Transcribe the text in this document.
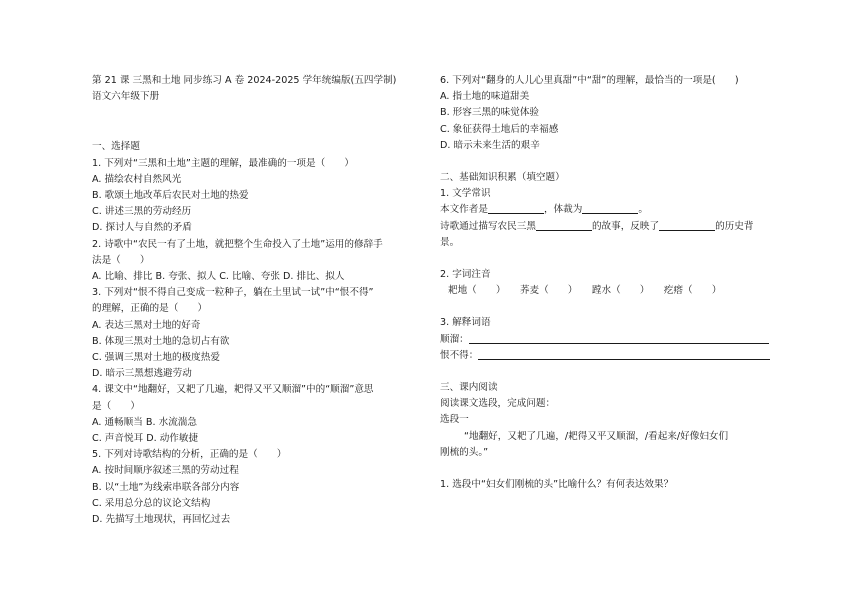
第 21 课 三黑和土地 同步练习 A 卷 2024-2025 学年统编版(五四学制)
语文六年级下册
一、选择题
1. 下列对“三黑和土地”主题的理解，最准确的一项是（　　）
A. 描绘农村自然风光
B. 歌颂土地改革后农民对土地的热爱
C. 讲述三黑的劳动经历
D. 探讨人与自然的矛盾
2. 诗歌中“农民一有了土地，就把整个生命投入了土地”运用的修辞手
法是（　　）
A. 比喻、排比 B. 夸张、拟人 C. 比喻、夸张 D. 排比、拟人
3. 下列对“恨不得自己变成一粒种子，躺在土里试一试”中“恨不得”
的理解，正确的是（　　）
A. 表达三黑对土地的好奇
B. 体现三黑对土地的急切占有欲
C. 强调三黑对土地的极度热爱
D. 暗示三黑想逃避劳动
4. 课文中“地翻好，又耙了几遍，耙得又平又顺溜”中的“顺溜”意思
是（　　）
A. 通畅顺当 B. 水流湍急
C. 声音悦耳 D. 动作敏捷
5. 下列对诗歌结构的分析，正确的是（　　）
A. 按时间顺序叙述三黑的劳动过程
B. 以“土地”为线索串联各部分内容
C. 采用总分总的议论文结构
D. 先描写土地现状，再回忆过去
6. 下列对“翻身的人儿心里真甜”中“甜”的理解，最恰当的一项是(　　)
A. 指土地的味道甜美
B. 形容三黑的味觉体验
C. 象征获得土地后的幸福感
D. 暗示未来生活的艰辛
二、基础知识积累（填空题）
1. 文学常识
本文作者是	，体裁为	。
诗歌通过描写农民三黑	的故事，反映了	的历史背
景。
2. 字词注音
耙地（　　）　　荞麦（　　）　　蹚水（　　）　　疙瘩（　　）
3. 解释词语
顺溜：
恨不得：
三、课内阅读
阅读课文选段，完成问题：
选段一
“地翻好，又耙了几遍，/耙得又平又顺溜，/看起来/好像妇女们
刚梳的头。”
1. 选段中“妇女们刚梳的头”比喻什么？有何表达效果？
